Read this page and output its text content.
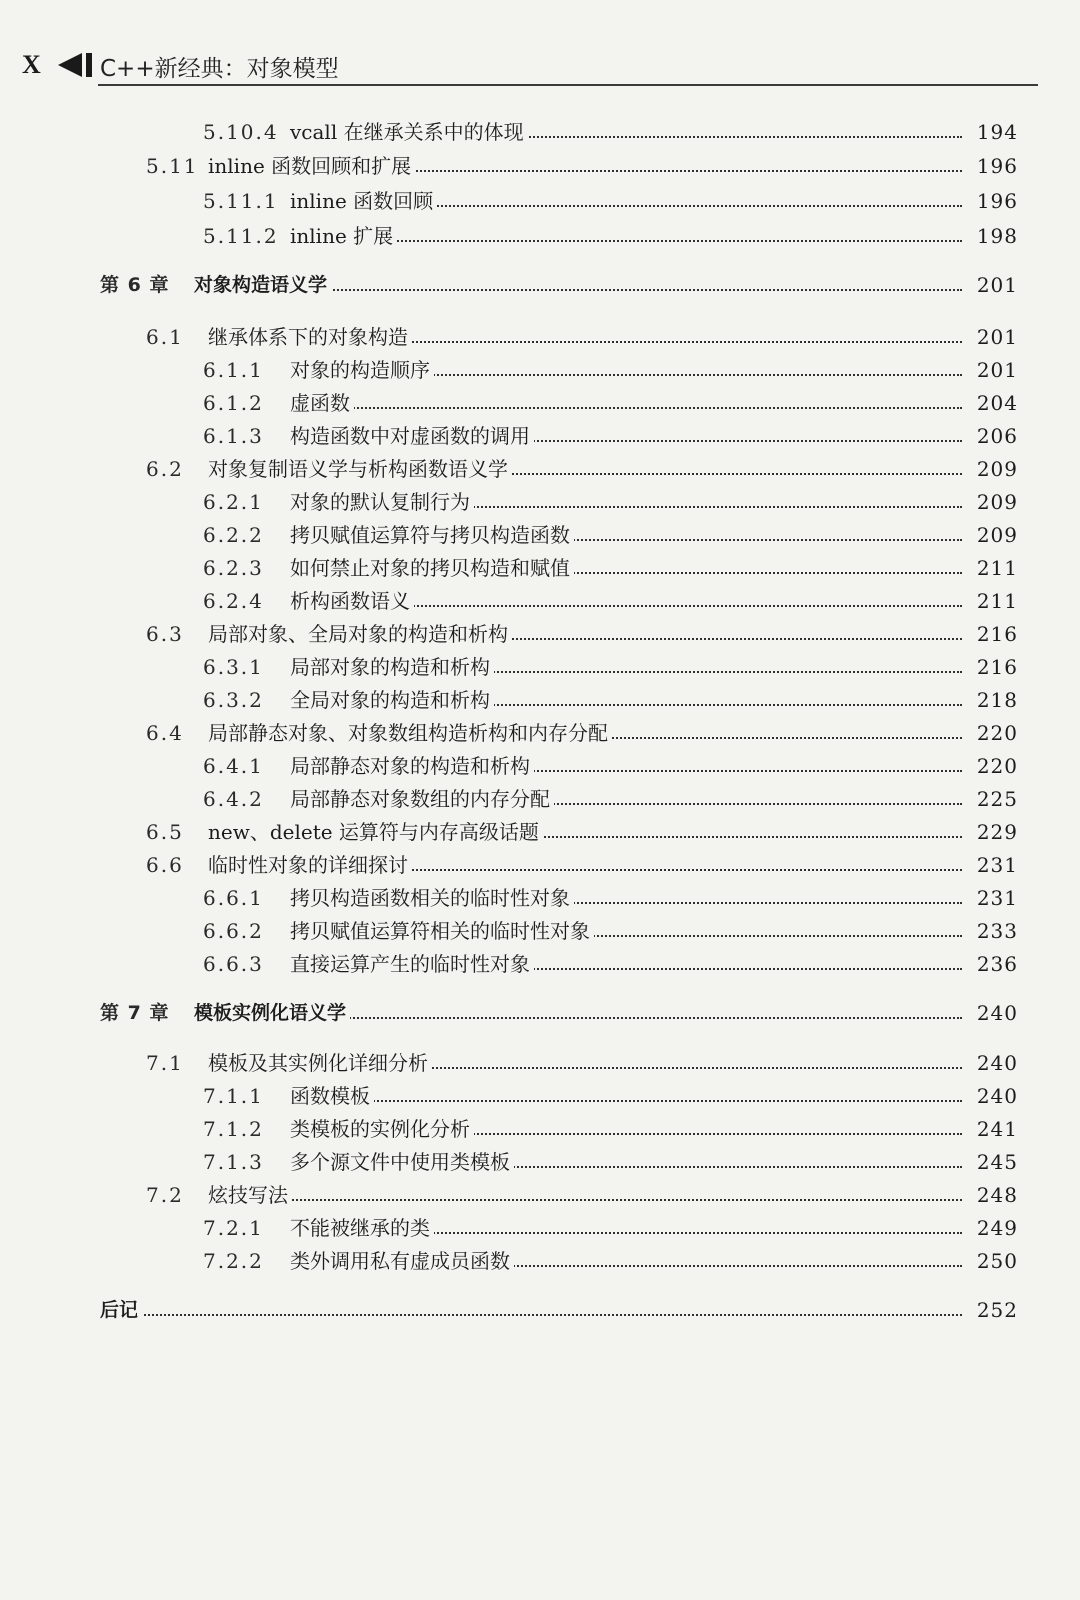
X	C++新经典：对象模型
5.10.4 vcall 在继承关系中的体现	194
5.11 inline 函数回顾和扩展	196
5.11.1 inline 函数回顾	196
5.11.2 inline 扩展	198
第 6 章 对象构造语义学	201
6.1 继承体系下的对象构造	201
6.1.1 对象的构造顺序	201
6.1.2 虚函数	204
6.1.3 构造函数中对虚函数的调用	206
6.2 对象复制语义学与析构函数语义学	209
6.2.1 对象的默认复制行为	209
6.2.2 拷贝赋值运算符与拷贝构造函数	209
6.2.3 如何禁止对象的拷贝构造和赋值	211
6.2.4 析构函数语义	211
6.3 局部对象、全局对象的构造和析构	216
6.3.1 局部对象的构造和析构	216
6.3.2 全局对象的构造和析构	218
6.4 局部静态对象、对象数组构造析构和内存分配	220
6.4.1 局部静态对象的构造和析构	220
6.4.2 局部静态对象数组的内存分配	225
6.5 new、delete 运算符与内存高级话题	229
6.6 临时性对象的详细探讨	231
6.6.1 拷贝构造函数相关的临时性对象	231
6.6.2 拷贝赋值运算符相关的临时性对象	233
6.6.3 直接运算产生的临时性对象	236
第 7 章 模板实例化语义学	240
7.1 模板及其实例化详细分析	240
7.1.1 函数模板	240
7.1.2 类模板的实例化分析	241
7.1.3 多个源文件中使用类模板	245
7.2 炫技写法	248
7.2.1 不能被继承的类	249
7.2.2 类外调用私有虚成员函数	250
后记	252
